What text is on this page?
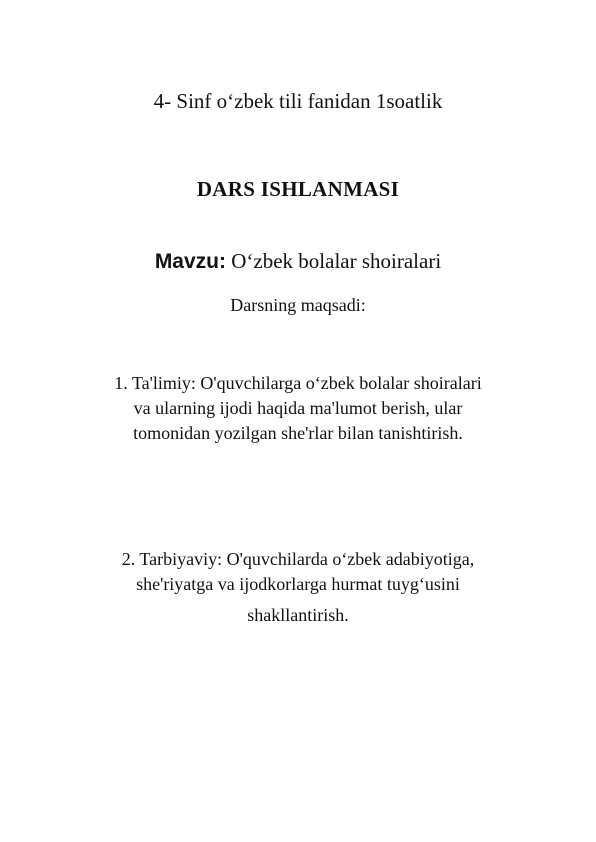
4- Sinf o‘zbek tili fanidan 1soatlik
DARS ISHLANMASI
Mavzu: O‘zbek bolalar shoiralari
Darsning maqsadi:
1. Ta'limiy: O'quvchilarga o‘zbek bolalar shoiralari
va ularning ijodi haqida ma'lumot berish, ular
tomonidan yozilgan she'rlar bilan tanishtirish.
2. Tarbiyaviy: O'quvchilarda o‘zbek adabiyotiga,
she'riyatga va ijodkorlarga hurmat tuyg‘usini
shakllantirish.
